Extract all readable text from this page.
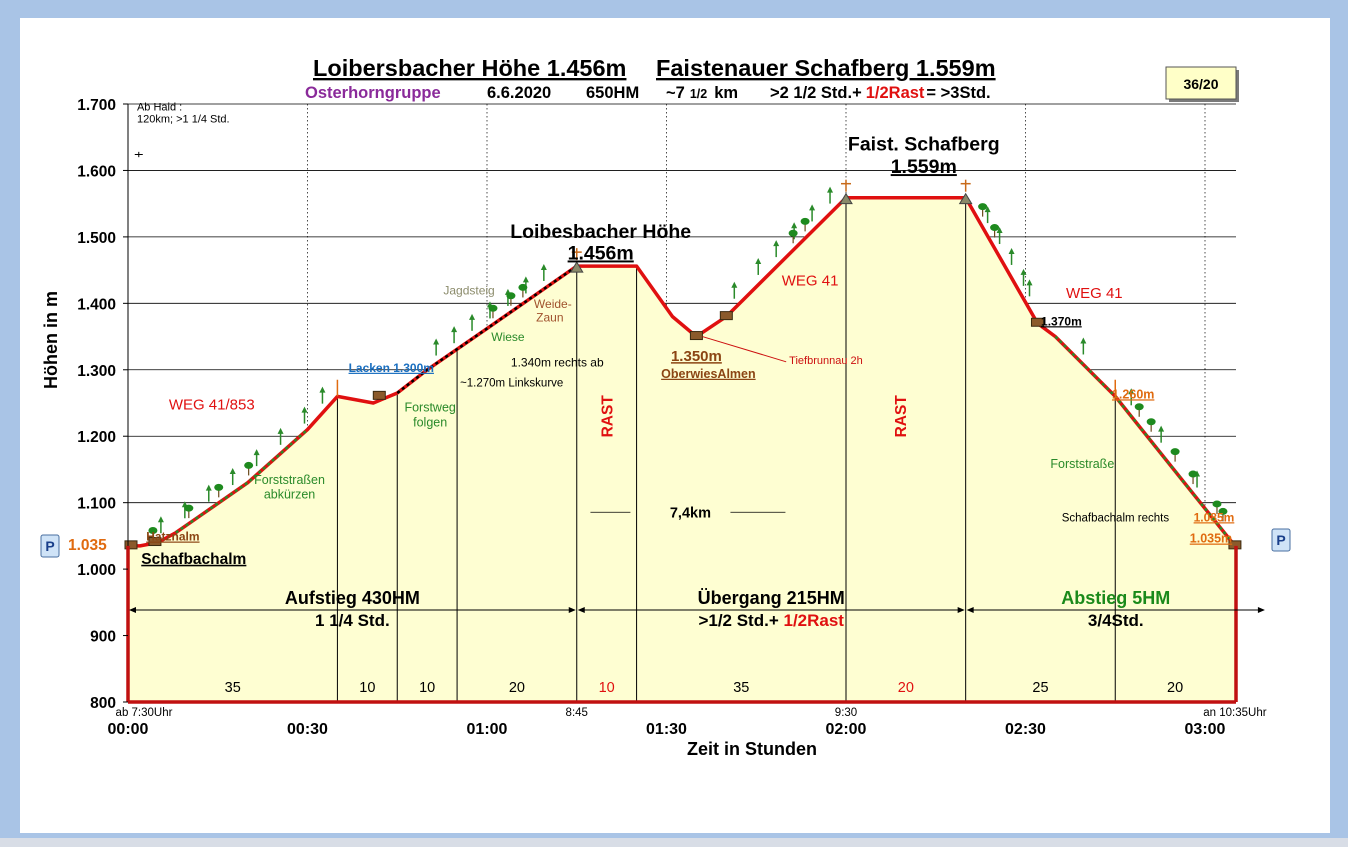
Loibersbacher Höhe 1.456m Faistenauer Schafberg 1.559m
Osterhorngruppe	6.6.2020 650HM ~7 1/2 km >2 1/2 Std.+ 1/2Rast = >3Std.	36/20
800
900
1.000
1.100
1.200
1.300
1.400
1.500
1.600
1.700
00:00	00:30	01:00	01:30	02:00	02:30	03:00
ab 7:30Uhr	8:45	9:30	an 10:35Uhr
35	10	10	20	10	35	20	25	20
Aufstieg 430HM
1 1/4 Std.
Übergang 215HM
>1/2 Std.+ 1/2Rast
Abstieg 5HM
3/4Std.
7,4km
RAST	RAST
Ab Haid :
120km; >1 1/4 Std.
WEG 41/853
Forststraßen
abkürzen
Hatznalm
Schafbachalm
Lacken 1.300m
~1.270m Linkskurve
Forstweg
folgen
1.340m rechts ab
Wiese
Jagdsteig
Weide-
Zaun
Loibesbacher Höhe
1.456m
1.350m
OberwiesAlmen
Tiefbrunnau 2h
WEG 41
Faist. Schafberg
1.559m
WEG 41
1.370m
1.260m
Forststraße
Schafbachalm rechts 1.085m
1.035m
Zeit in Stunden
Höhen in m
P 1.035	P
